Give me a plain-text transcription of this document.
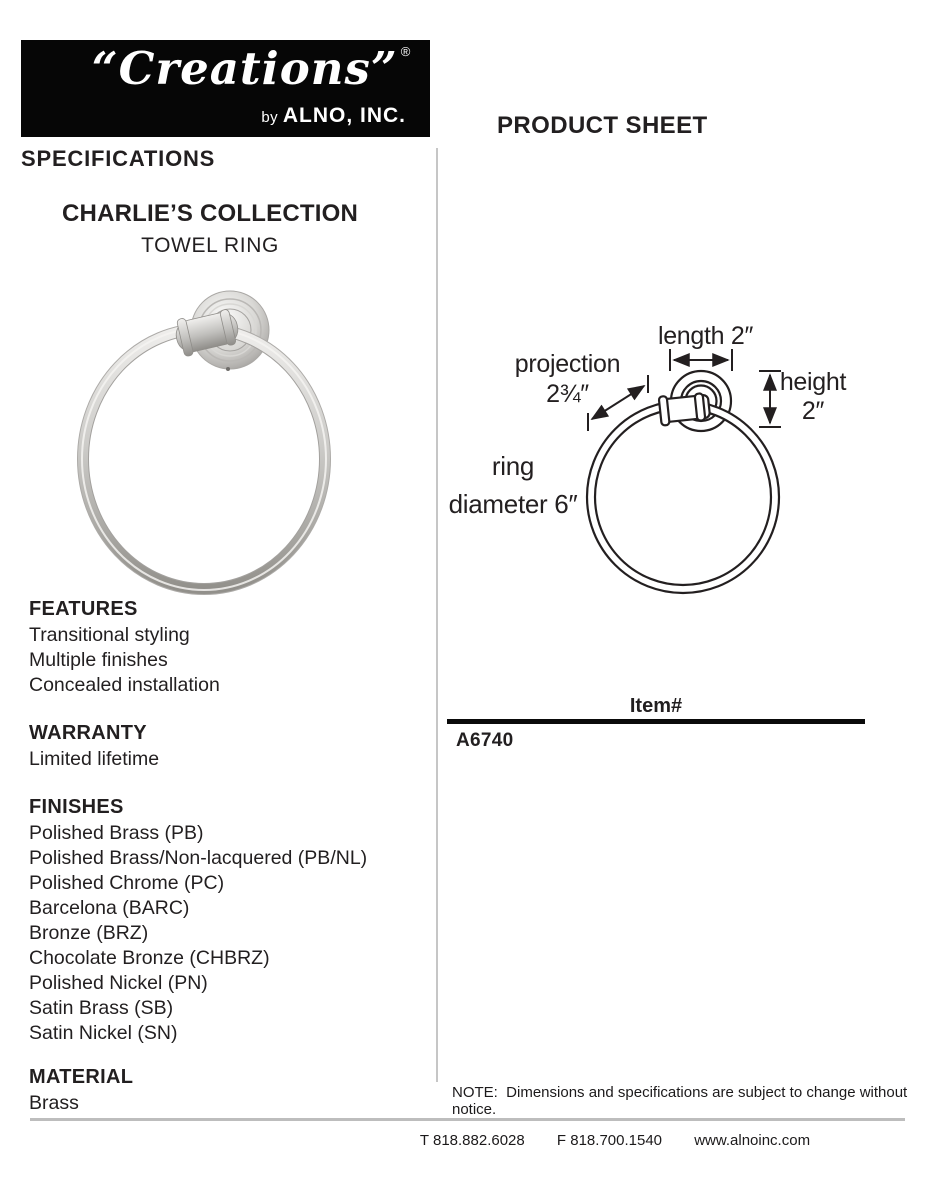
“Creations” ®
by ALNO, INC.
SPECIFICATIONS
PRODUCT SHEET
CHARLIE’S COLLECTION
TOWEL RING
FEATURES
Transitional styling
Multiple finishes
Concealed installation
WARRANTY
Limited lifetime
FINISHES
Polished Brass (PB)
Polished Brass/Non-lacquered (PB/NL)
Polished Chrome (PC)
Barcelona (BARC)
Bronze (BRZ)
Chocolate Bronze (CHBRZ)
Polished Nickel (PN)
Satin Brass (SB)
Satin Nickel (SN)
MATERIAL
Brass
length 2″
projection
2¾″	height
2″
ring
diameter 6″
Item#
A6740
NOTE:  Dimensions and specifications are subject to change without notice.
T 818.882.6028 F 818.700.1540 www.alnoinc.com
